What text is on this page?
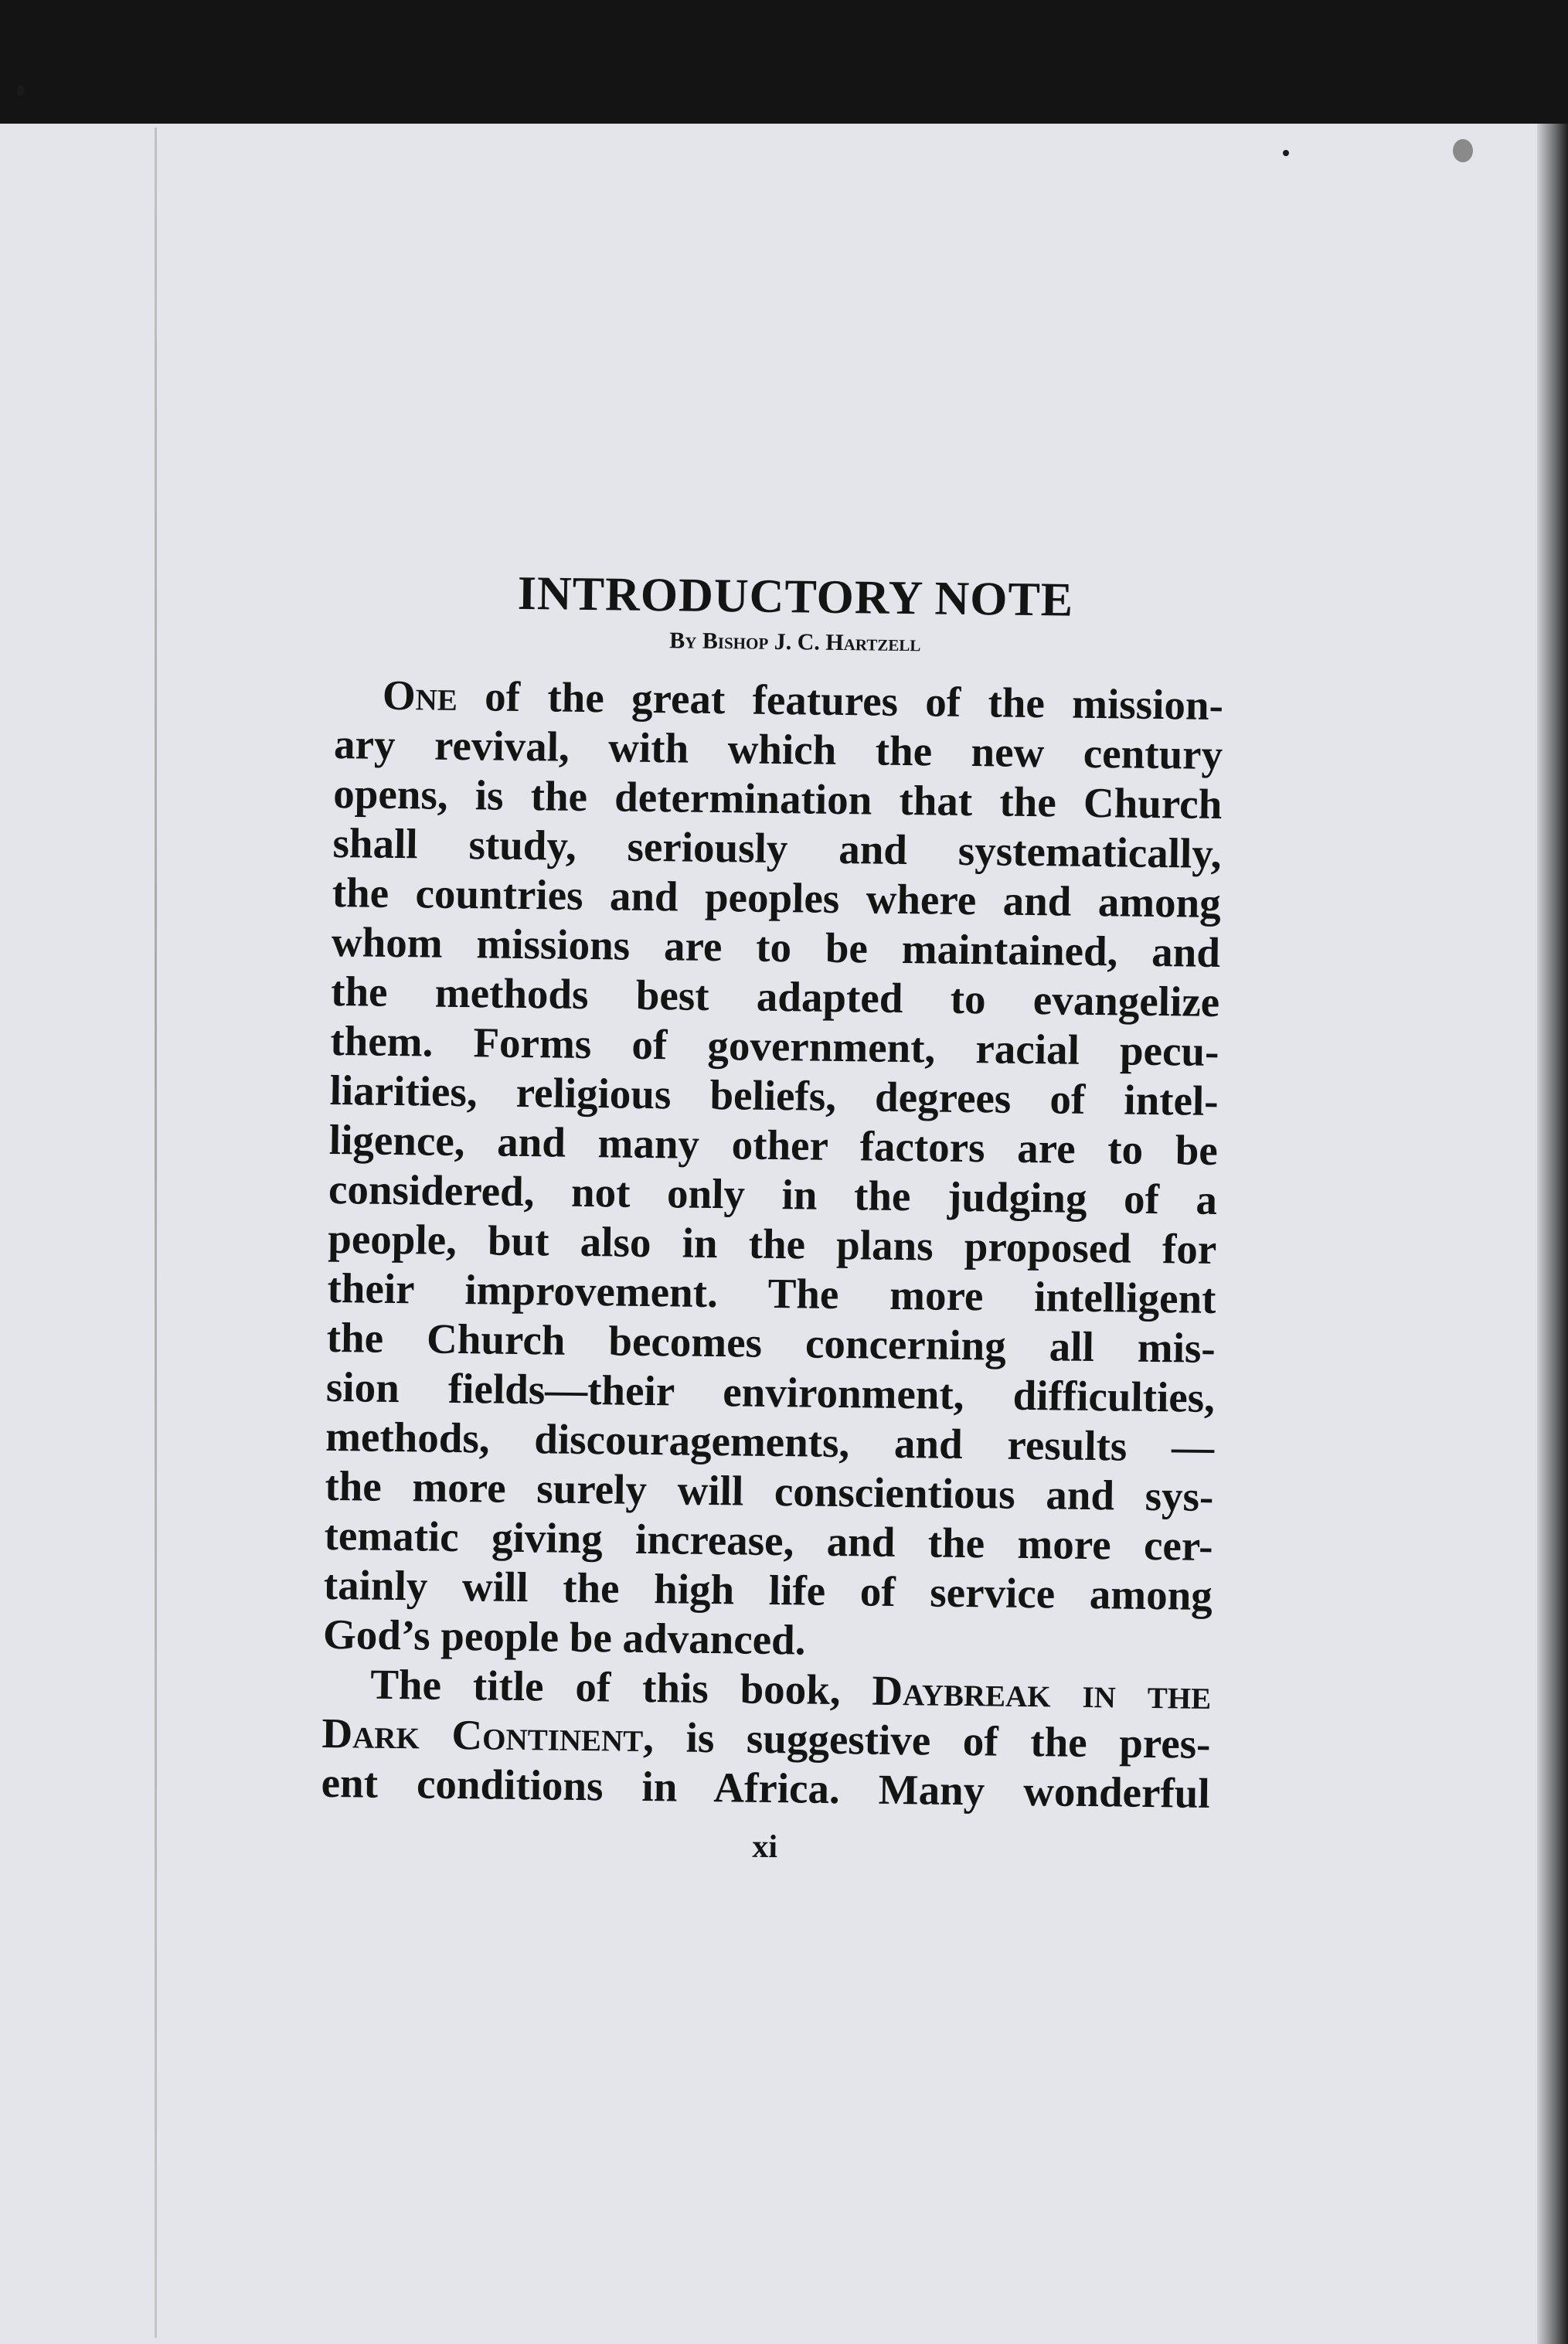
INTRODUCTORY NOTE
By Bishop J. C. Hartzell
One of the great features of the mission-
ary revival, with which the new century
opens, is the determination that the Church
shall study, seriously and systematically,
the countries and peoples where and among
whom missions are to be maintained, and
the methods best adapted to evangelize
them. Forms of government, racial pecu-
liarities, religious beliefs, degrees of intel-
ligence, and many other factors are to be
considered, not only in the judging of a
people, but also in the plans proposed for
their improvement. The more intelligent
the Church becomes concerning all mis-
sion fields—their environment, difficulties,
methods, discouragements, and results —
the more surely will conscientious and sys-
tematic giving increase, and the more cer-
tainly will the high life of service among
God’s people be advanced.
The title of this book, Daybreak in the
Dark Continent, is suggestive of the pres-
ent conditions in Africa. Many wonderful
xi
